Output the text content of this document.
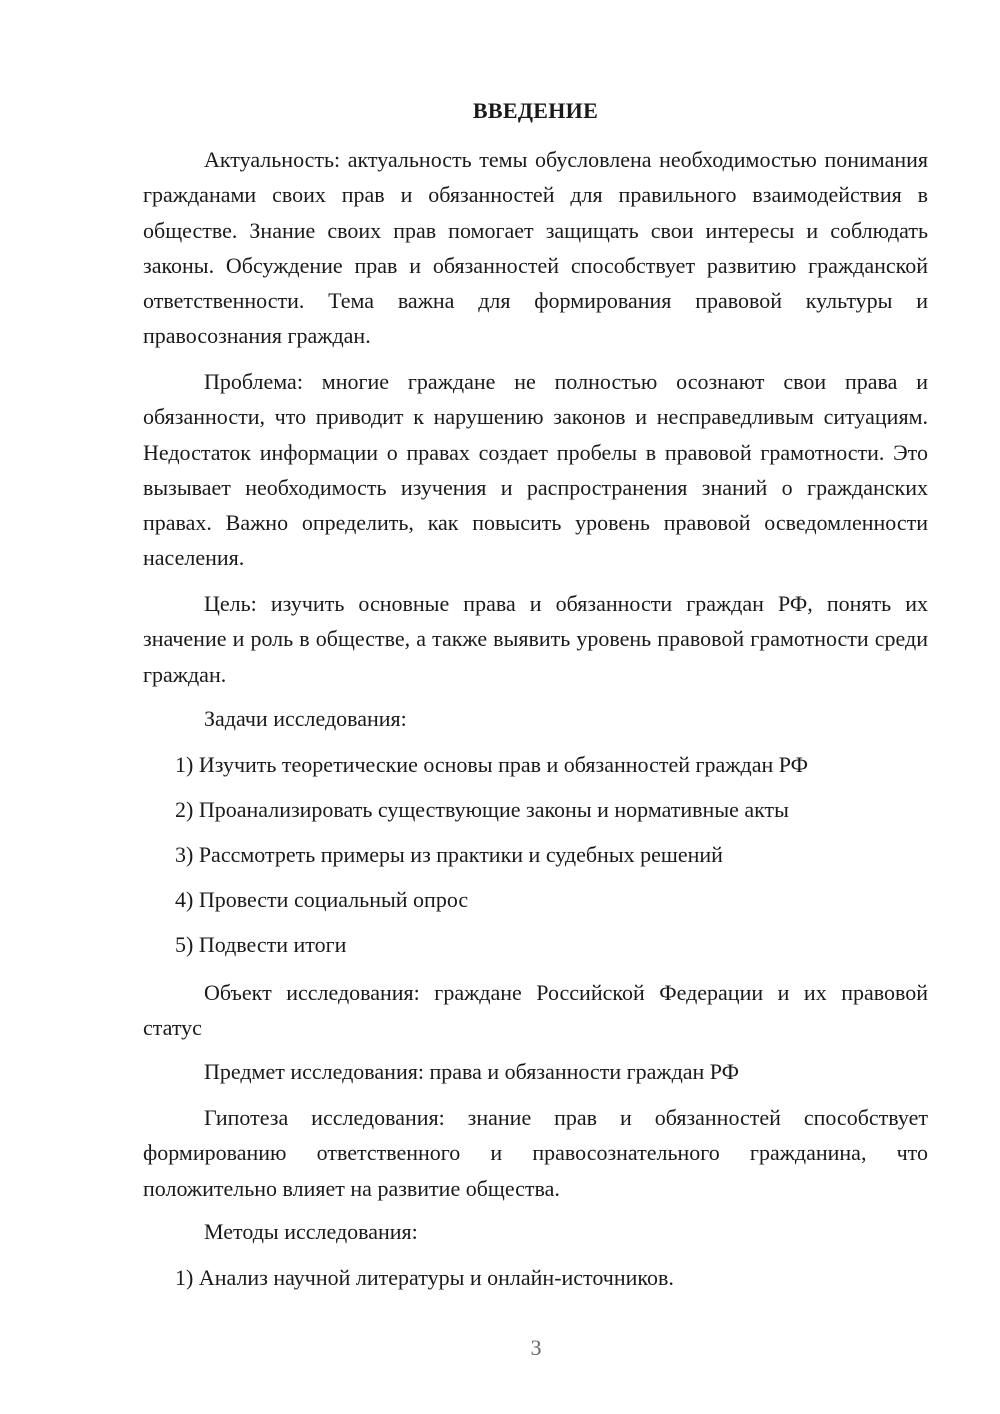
ВВЕДЕНИЕ

Актуальность: актуальность темы обусловлена необходимостью понимания гражданами своих прав и обязанностей для правильного взаимодействия в обществе. Знание своих прав помогает защищать свои интересы и соблюдать законы. Обсуждение прав и обязанностей способствует развитию гражданской ответственности. Тема важна для формирования правовой культуры и правосознания граждан.

Проблема: многие граждане не полностью осознают свои права и обязанности, что приводит к нарушению законов и несправедливым ситуациям. Недостаток информации о правах создает пробелы в правовой грамотности. Это вызывает необходимость изучения и распространения знаний о гражданских правах. Важно определить, как повысить уровень правовой осведомленности населения.

Цель: изучить основные права и обязанности граждан РФ, понять их значение и роль в обществе, а также выявить уровень правовой грамотности среди граждан.

Задачи исследования:

1) Изучить теоретические основы прав и обязанностей граждан РФ

2) Проанализировать существующие законы и нормативные акты

3) Рассмотреть примеры из практики и судебных решений

4) Провести социальный опрос

5) Подвести итоги

Объект исследования: граждане Российской Федерации и их правовой статус

Предмет исследования: права и обязанности граждан РФ

Гипотеза исследования: знание прав и обязанностей способствует формированию ответственного и правосознательного гражданина, что положительно влияет на развитие общества.

Методы исследования:

1) Анализ научной литературы и онлайн-источников.

3
